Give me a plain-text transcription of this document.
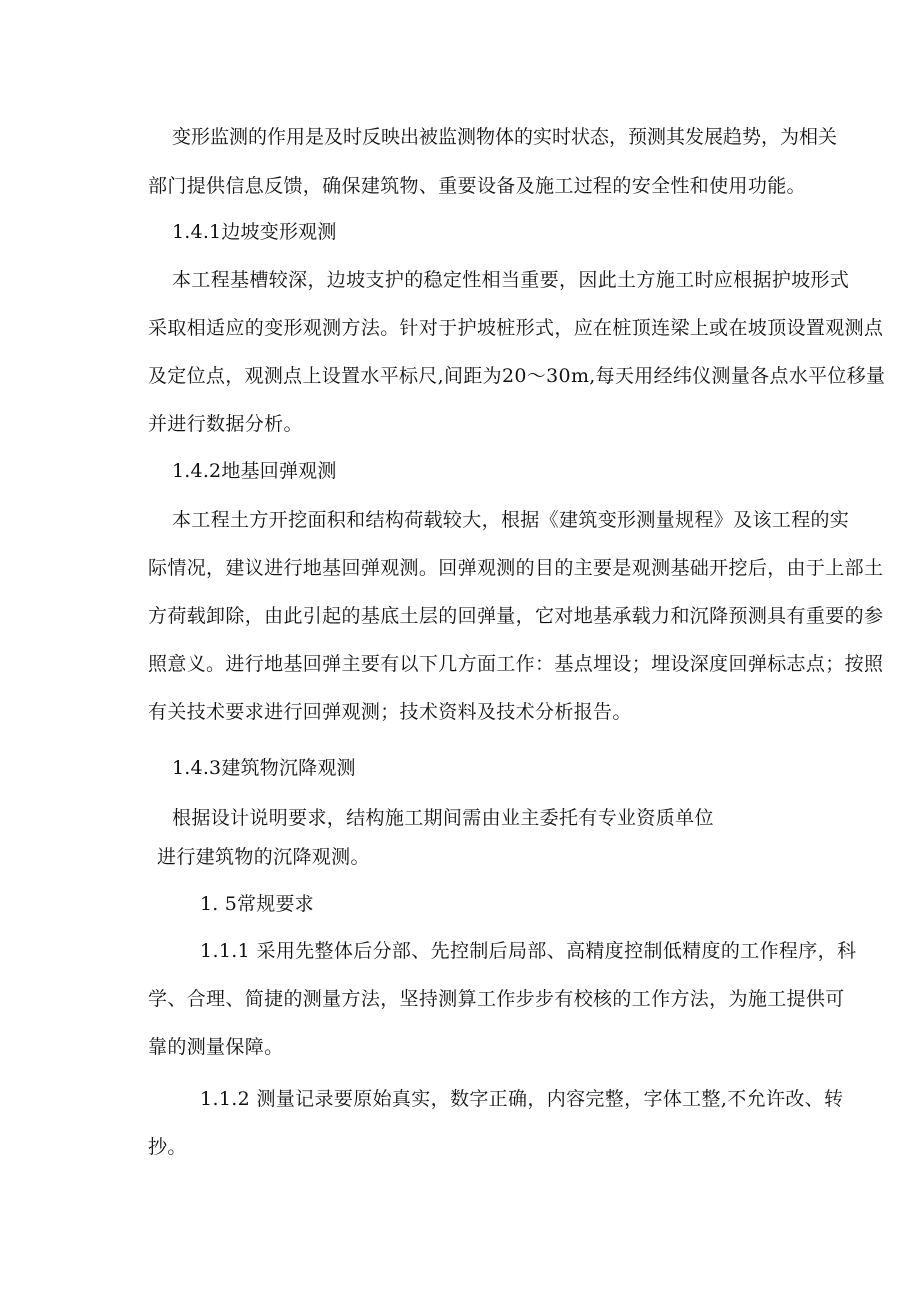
变形监测的作用是及时反映出被监测物体的实时状态，预测其发展趋势，为相关
部门提供信息反馈，确保建筑物、重要设备及施工过程的安全性和使用功能。
1.4.1边坡变形观测
本工程基槽较深，边坡支护的稳定性相当重要，因此土方施工时应根据护坡形式
采取相适应的变形观测方法。针对于护坡桩形式，应在桩顶连梁上或在坡顶设置观测点
及定位点，观测点上设置水平标尺,间距为20～30m,每天用经纬仪测量各点水平位移量
并进行数据分析。
1.4.2地基回弹观测
本工程土方开挖面积和结构荷载较大，根据《建筑变形测量规程》及该工程的实
际情况，建议进行地基回弹观测。回弹观测的目的主要是观测基础开挖后，由于上部土
方荷载卸除，由此引起的基底土层的回弹量，它对地基承载力和沉降预测具有重要的参
照意义。进行地基回弹主要有以下几方面工作：基点埋设；埋设深度回弹标志点；按照
有关技术要求进行回弹观测；技术资料及技术分析报告。
1.4.3建筑物沉降观测
根据设计说明要求，结构施工期间需由业主委托有专业资质单位
进行建筑物的沉降观测。
1. 5常规要求
1.1.1 采用先整体后分部、先控制后局部、高精度控制低精度的工作程序，科
学、合理、简捷的测量方法，坚持测算工作步步有校核的工作方法，为施工提供可
靠的测量保障。
1.1.2 测量记录要原始真实，数字正确，内容完整，字体工整,不允许改、转
抄。
